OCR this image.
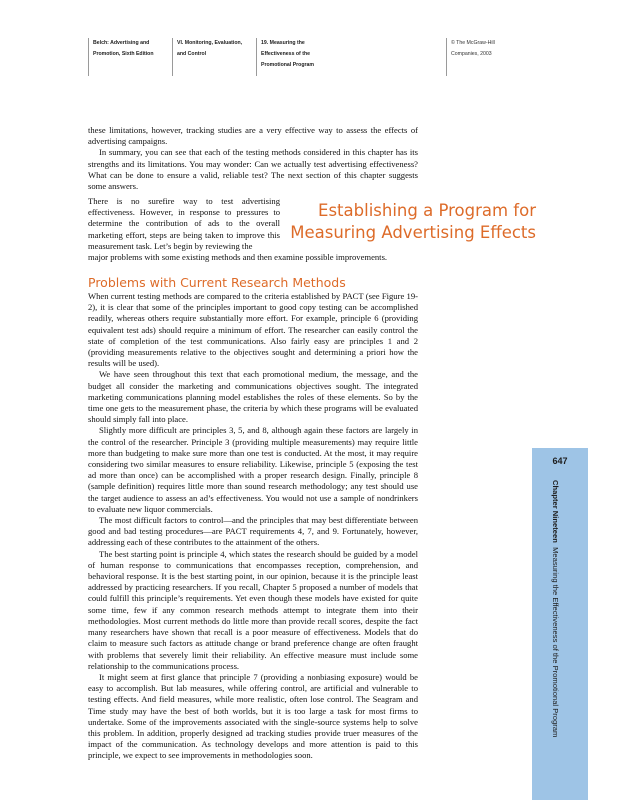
Belch: Advertising and
Promotion, Sixth Edition
VI. Monitoring, Evaluation,
and Control
19. Measuring the
Effectiveness of the
Promotional Program
© The McGraw-Hill
Companies, 2003

these limitations, however, tracking studies are a very effective way to assess the effects of advertising campaigns.

In summary, you can see that each of the testing methods considered in this chapter has its strengths and its limitations. You may wonder: Can we actually test advertising effectiveness? What can be done to ensure a valid, reliable test? The next section of this chapter suggests some answers.

There is no surefire way to test advertising effectiveness. However, in response to pressures to determine the contribution of ads to the overall marketing effort, steps are being taken to improve this measurement task. Let’s begin by reviewing the

major problems with some existing methods and then examine possible improvements.

Establishing a Program for Measuring Advertising Effects
Problems with Current Research Methods

When current testing methods are compared to the criteria established by PACT (see Figure 19-2), it is clear that some of the principles important to good copy testing can be accomplished readily, whereas others require substantially more effort. For example, principle 6 (providing equivalent test ads) should require a minimum of effort. The researcher can easily control the state of completion of the test communications. Also fairly easy are principles 1 and 2 (providing measurements relative to the objectives sought and determining a priori how the results will be used).

We have seen throughout this text that each promotional medium, the message, and the budget all consider the marketing and communications objectives sought. The integrated marketing communications planning model establishes the roles of these elements. So by the time one gets to the measurement phase, the criteria by which these programs will be evaluated should simply fall into place.

Slightly more difficult are principles 3, 5, and 8, although again these factors are largely in the control of the researcher. Principle 3 (providing multiple measurements) may require little more than budgeting to make sure more than one test is conducted. At the most, it may require considering two similar measures to ensure reliability. Likewise, principle 5 (exposing the test ad more than once) can be accomplished with a proper research design. Finally, principle 8 (sample definition) requires little more than sound research methodology; any test should use the target audience to assess an ad’s effectiveness. You would not use a sample of nondrinkers to evaluate new liquor commercials.

The most difficult factors to control—and the principles that may best differentiate between good and bad testing procedures—are PACT requirements 4, 7, and 9. Fortunately, however, addressing each of these contributes to the attainment of the others.

The best starting point is principle 4, which states the research should be guided by a model of human response to communications that encompasses reception, comprehension, and behavioral response. It is the best starting point, in our opinion, because it is the principle least addressed by practicing researchers. If you recall, Chapter 5 proposed a number of models that could fulfill this principle’s requirements. Yet even though these models have existed for quite some time, few if any common research methods attempt to integrate them into their methodologies. Most current methods do little more than provide recall scores, despite the fact many researchers have shown that recall is a poor measure of effectiveness. Models that do claim to measure such factors as attitude change or brand preference change are often fraught with problems that severely limit their reliability. An effective measure must include some relationship to the communications process.

It might seem at first glance that principle 7 (providing a nonbiasing exposure) would be easy to accomplish. But lab measures, while offering control, are artificial and vulnerable to testing effects. And field measures, while more realistic, often lose control. The Seagram and Time study may have the best of both worlds, but it is too large a task for most firms to undertake. Some of the improvements associated with the single-source systems help to solve this problem. In addition, properly designed ad tracking studies provide truer measures of the impact of the communication. As technology develops and more attention is paid to this principle, we expect to see improvements in methodologies soon.

647
Chapter Nineteen  Measuring the Effectiveness of the Promotional Program
